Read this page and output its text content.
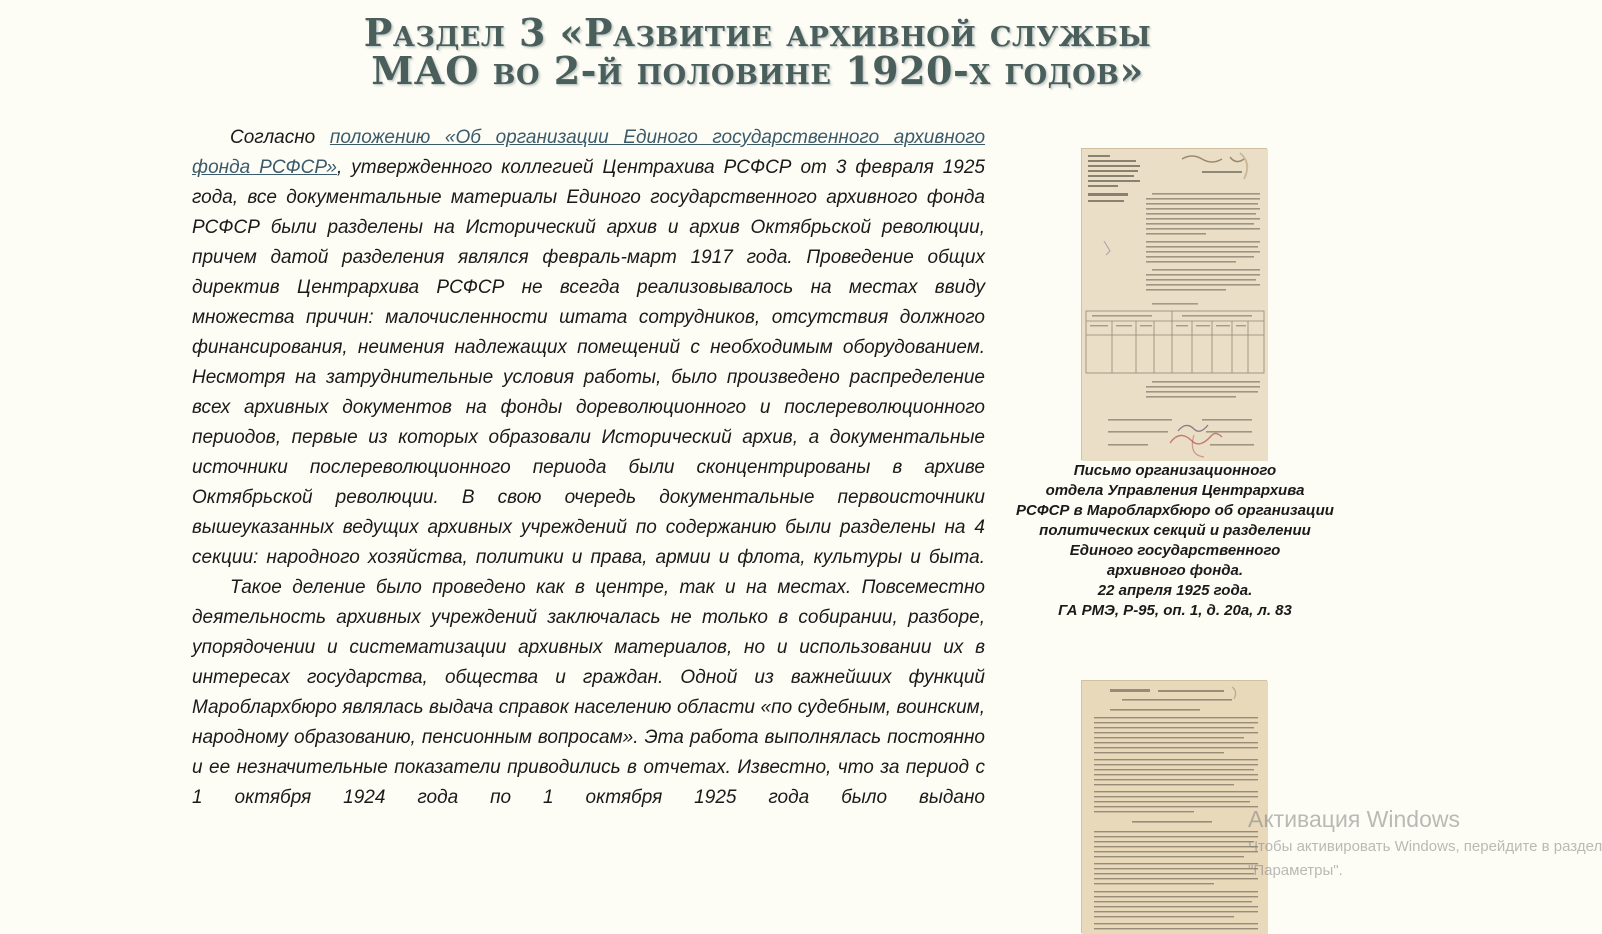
Раздел 3 «Развитие архивной службы
МАО во 2-й половине 1920-х годов»

Согласно положению «Об организации Единого государственного архивного фонда РСФСР», утвержденного коллегией Центрахива РСФСР от 3 февраля 1925 года, все документальные материалы Единого государственного архивного фонда РСФСР были разделены на Исторический архив и архив Октябрьской революции, причем датой разделения являлся февраль-март 1917 года. Проведение общих директив Центрархива РСФСР не всегда реализовывалось на местах ввиду множества причин: малочисленности штата сотрудников, отсутствия должного финансирования, неимения надлежащих помещений с необходимым оборудованием. Несмотря на затруднительные условия работы, было произведено распределение всех архивных документов на фонды дореволюционного и послереволюционного периодов, первые из которых образовали Исторический архив, а документальные источники послереволюционного периода были сконцентрированы в архиве Октябрьской революции. В свою очередь документальные первоисточники вышеуказанных ведущих архивных учреждений по содержанию были разделены на 4 секции: народного хозяйства, политики и права, армии и флота, культуры и быта.

Такое деление было проведено как в центре, так и на местах. Повсеместно деятельность архивных учреждений заключалась не только в собирании, разборе, упорядочении и систематизации архивных материалов, но и использовании их в интересах государства, общества и граждан. Одной из важнейших функций Мароблархбюро являлась выдача справок населению области «по судебным, воинским, народному образованию, пенсионным вопросам». Эта работа выполнялась постоянно и ее незначительные показатели приводились в отчетах. Известно, что за период с 1 октября 1924 года по 1 октября 1925 года было выдано

Письмо организационного
отдела Управления Центрархива
РСФСР в Мароблархбюро об организации
политических секций и разделении
Единого государственного
архивного фонда.
22 апреля 1925 года.
ГА РМЭ, Р-95, оп. 1, д. 20а, л. 83
Активация Windows
Чтобы активировать Windows, перейдите в раздел
"Параметры".
